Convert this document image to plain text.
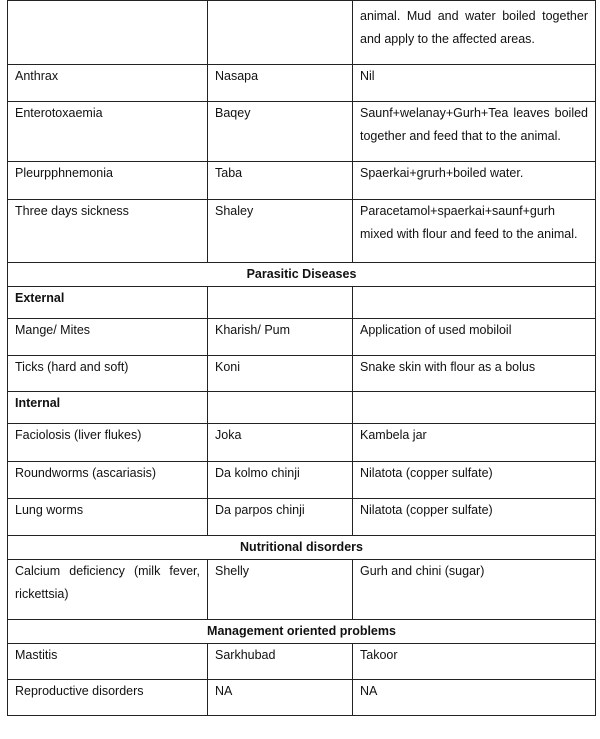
		animal. Mud and water boiled together and apply to the affected areas.
Anthrax	Nasapa	Nil
Enterotoxaemia	Baqey	Saunf+welanay+Gurh+Tea leaves boiled together and feed that to the animal.
Pleurpphnemonia	Taba	Spaerkai+grurh+boiled water.
Three days sickness	Shaley	Paracetamol+spaerkai+saunf+gurh mixed with flour and feed to the animal.
Parasitic Diseases		
External		
Mange/ Mites	Kharish/ Pum	Application of used mobiloil
Ticks (hard and soft)	Koni	Snake skin with flour as a bolus
Internal		
Faciolosis (liver flukes)	Joka	Kambela jar
Roundworms (ascariasis)	Da kolmo chinji	Nilatota (copper sulfate)
Lung worms	Da parpos chinji	Nilatota (copper sulfate)
Nutritional disorders		
Calcium deficiency (milk fever, rickettsia)	Shelly	Gurh and chini (sugar)
Management oriented problems		
Mastitis	Sarkhubad	Takoor
Reproductive disorders	NA	NA
